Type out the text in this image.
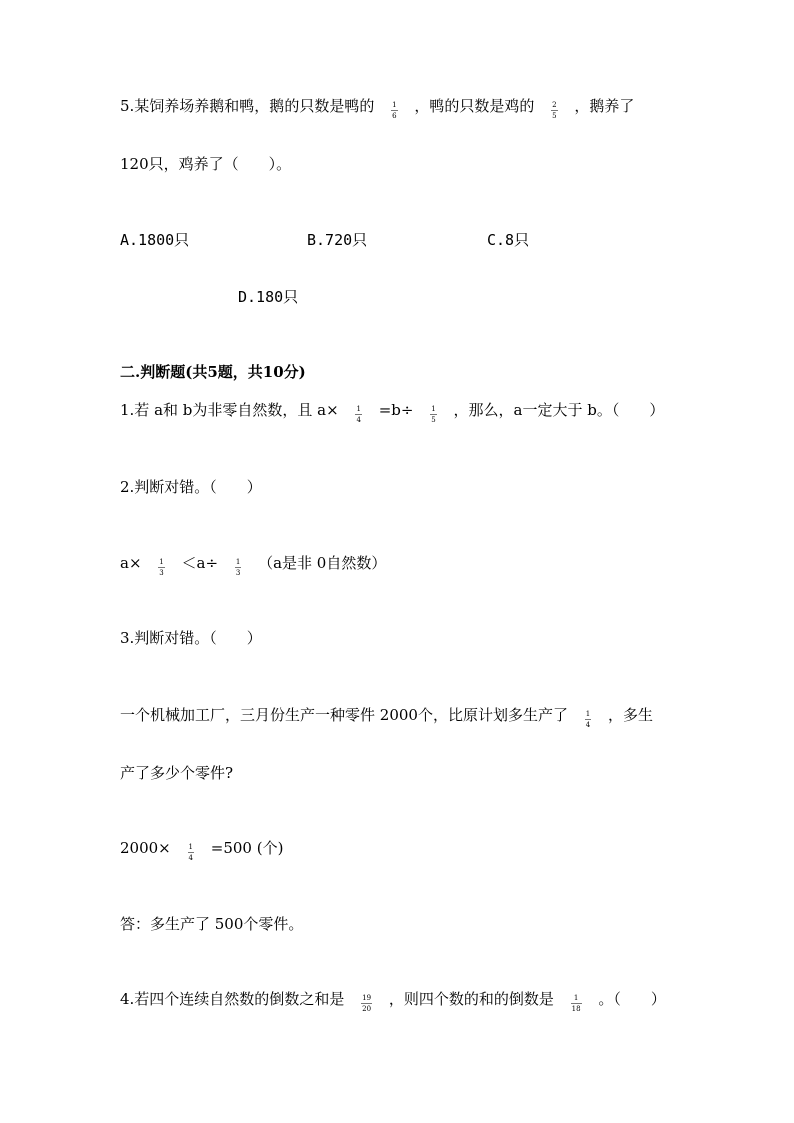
5.某饲养场养鹅和鸭，鹅的只数是鸭的 $\frac{1}{6}$ ，鸭的只数是鸡的 $\frac{2}{5}$ ，鹅养了
120只，鸡养了（　　）。
A.1800只	B.720只	C.8只
D.180只
二.判断题(共5题，共10分)
1.若 a和 b为非零自然数，且 $a\times \frac{1}{4} =b\div \frac{1}{5}$ ，那么，a一定大于 b。（　　）
2.判断对错。（　　）
$a\times \frac{1}{3} <a\div \frac{1}{3} (a$是非 0自然数）
3.判断对错。（　　）
一个机械加工厂，三月份生产一种零件 2000个，比原计划多生产了 $\frac{1}{4}$ ，多生
产了多少个零件?
$2000\times \frac{1}{4} =500$ (个)
答：多生产了 500个零件。
4.若四个连续自然数的倒数之和是 $\frac{19}{20}$ ，则四个数的和的倒数是 $\frac{1}{18}$ 。（　　）
